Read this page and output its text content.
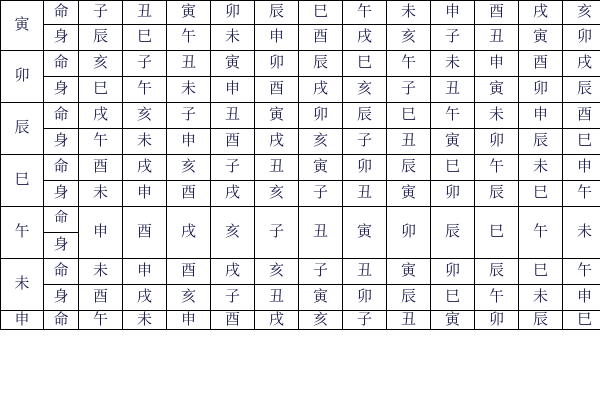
寅	命	子	丑	寅	卯	辰	巳	午	未	申	酉	戌	亥
	身	辰	巳	午	未	申	酉	戌	亥	子	丑	寅	卯
卯	命	亥	子	丑	寅	卯	辰	巳	午	未	申	酉	戌
	身	巳	午	未	申	酉	戌	亥	子	丑	寅	卯	辰
辰	命	戌	亥	子	丑	寅	卯	辰	巳	午	未	申	酉
	身	午	未	申	酉	戌	亥	子	丑	寅	卯	辰	巳
巳	命	酉	戌	亥	子	丑	寅	卯	辰	巳	午	未	申
	身	未	申	酉	戌	亥	子	丑	寅	卯	辰	巳	午
午	命	申	酉	戌	亥	子	丑	寅	卯	辰	巳	午	未
	身												
未	命	未	申	酉	戌	亥	子	丑	寅	卯	辰	巳	午
	身	酉	戌	亥	子	丑	寅	卯	辰	巳	午	未	申
申	命	午	未	申	酉	戌	亥	子	丑	寅	卯	辰	巳
